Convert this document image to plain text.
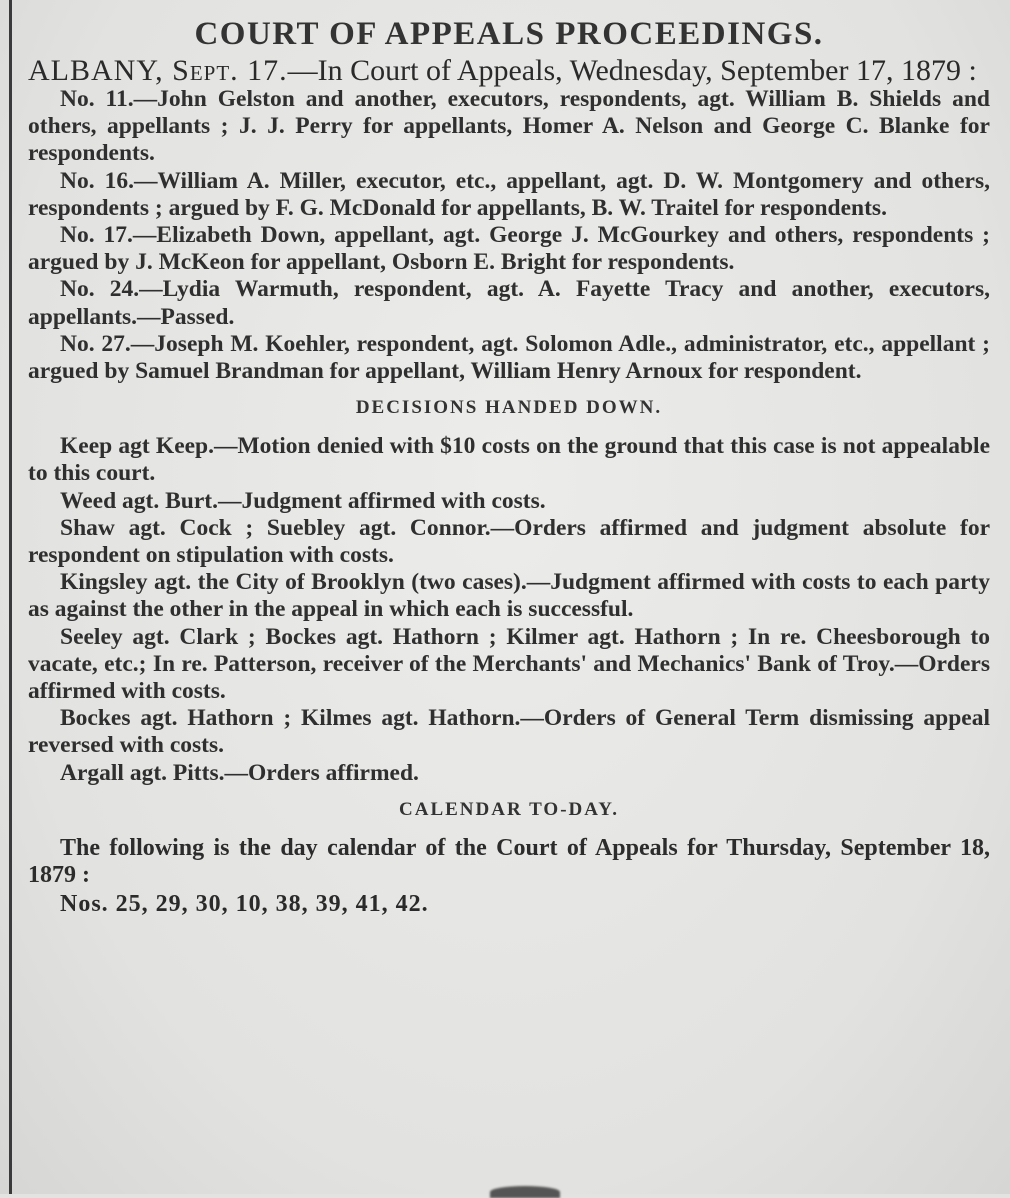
COURT OF APPEALS PROCEEDINGS.

ALBANY, Sept. 17.—In Court of Appeals, Wednesday, September 17, 1879 :

No. 11.—John Gelston and another, executors, respondents, agt. William B. Shields and others, appellants ; J. J. Perry for appellants, Homer A. Nelson and George C. Blanke for respondents.

No. 16.—William A. Miller, executor, etc., appellant, agt. D. W. Montgomery and others, respondents ; argued by F. G. McDonald for appellants, B. W. Traitel for respondents.

No. 17.—Elizabeth Down, appellant, agt. George J. McGourkey and others, respondents ; argued by J. McKeon for appellant, Osborn E. Bright for respondents.

No. 24.—Lydia Warmuth, respondent, agt. A. Fayette Tracy and another, executors, appellants.—Passed.

No. 27.—Joseph M. Koehler, respondent, agt. Solomon Adle., administrator, etc., appellant ; argued by Samuel Brandman for appellant, William Henry Arnoux for respondent.

DECISIONS HANDED DOWN.

Keep agt Keep.—Motion denied with $10 costs on the ground that this case is not appealable to this court.

Weed agt. Burt.—Judgment affirmed with costs.

Shaw agt. Cock ; Suebley agt. Connor.—Orders affirmed and judgment absolute for respondent on stipulation with costs.

Kingsley agt. the City of Brooklyn (two cases).—Judgment affirmed with costs to each party as against the other in the appeal in which each is successful.

Seeley agt. Clark ; Bockes agt. Hathorn ; Kilmer agt. Hathorn ; In re. Cheesborough to vacate, etc.; In re. Patterson, receiver of the Merchants' and Mechanics' Bank of Troy.—Orders affirmed with costs.

Bockes agt. Hathorn ; Kilmes agt. Hathorn.—Orders of General Term dismissing appeal reversed with costs.

Argall agt. Pitts.—Orders affirmed.

CALENDAR TO-DAY.

The following is the day calendar of the Court of Appeals for Thursday, September 18, 1879 :

Nos. 25, 29, 30, 10, 38, 39, 41, 42.
